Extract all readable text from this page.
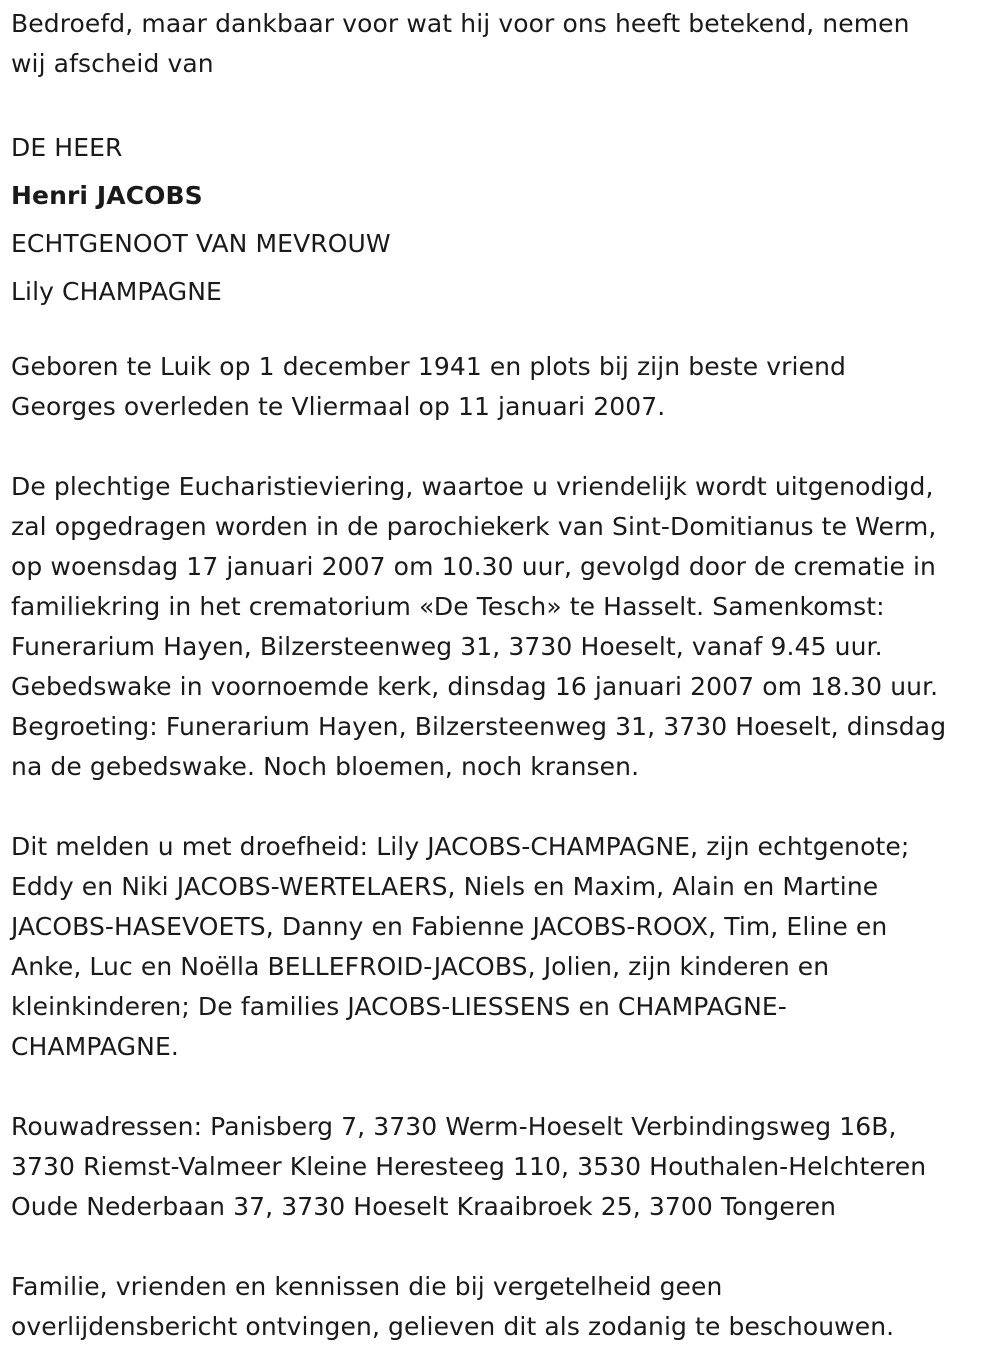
Bedroefd, maar dankbaar voor wat hij voor ons heeft betekend, nemen
wij afscheid van

DE HEER

Henri JACOBS

ECHTGENOOT VAN MEVROUW

Lily CHAMPAGNE

Geboren te Luik op 1 december 1941 en plots bij zijn beste vriend
Georges overleden te Vliermaal op 11 januari 2007.

De plechtige Eucharistieviering, waartoe u vriendelijk wordt uitgenodigd,
zal opgedragen worden in de parochiekerk van Sint-Domitianus te Werm,
op woensdag 17 januari 2007 om 10.30 uur, gevolgd door de crematie in
familiekring in het crematorium «De Tesch» te Hasselt. Samenkomst:
Funerarium Hayen, Bilzersteenweg 31, 3730 Hoeselt, vanaf 9.45 uur.
Gebedswake in voornoemde kerk, dinsdag 16 januari 2007 om 18.30 uur.
Begroeting: Funerarium Hayen, Bilzersteenweg 31, 3730 Hoeselt, dinsdag
na de gebedswake. Noch bloemen, noch kransen.

Dit melden u met droefheid: Lily JACOBS-CHAMPAGNE, zijn echtgenote;
Eddy en Niki JACOBS-WERTELAERS, Niels en Maxim, Alain en Martine
JACOBS-HASEVOETS, Danny en Fabienne JACOBS-ROOX, Tim, Eline en
Anke, Luc en Noëlla BELLEFROID-JACOBS, Jolien, zijn kinderen en
kleinkinderen; De families JACOBS-LIESSENS en CHAMPAGNE-
CHAMPAGNE.

Rouwadressen: Panisberg 7, 3730 Werm-Hoeselt Verbindingsweg 16B,
3730 Riemst-Valmeer Kleine Heresteeg 110, 3530 Houthalen-Helchteren
Oude Nederbaan 37, 3730 Hoeselt Kraaibroek 25, 3700 Tongeren

Familie, vrienden en kennissen die bij vergetelheid geen
overlijdensbericht ontvingen, gelieven dit als zodanig te beschouwen.
